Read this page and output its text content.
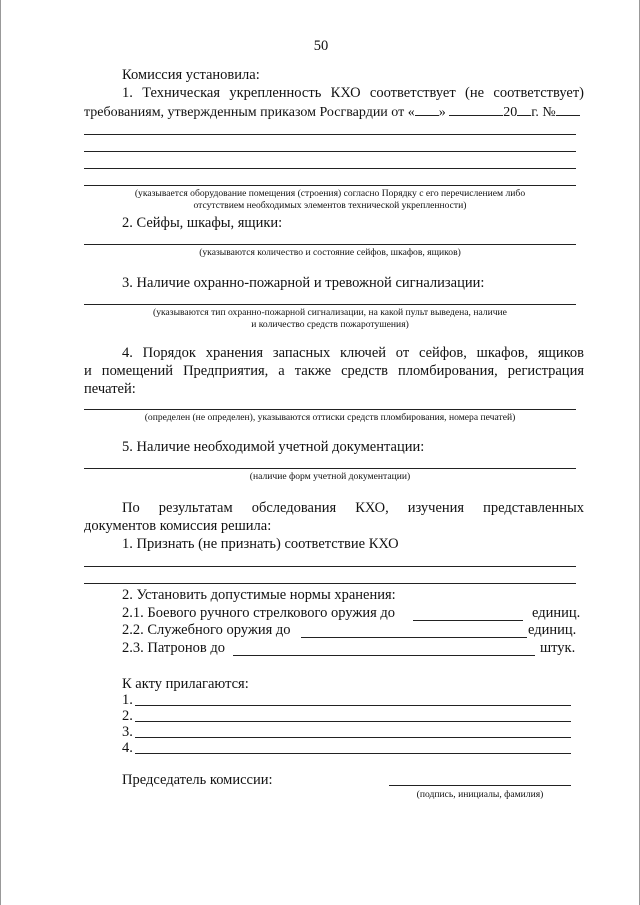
50
Комиссия установила:
1. Техническая укрепленность КХО соответствует (не соответствует)
требованиям, утвержденным приказом Росгвардии от « »	20 г. №
(указывается оборудование помещения (строения) согласно Порядку с его перечислением либо
отсутствием необходимых элементов технической укрепленности)
2. Сейфы, шкафы, ящики:
(указываются количество и состояние сейфов, шкафов, ящиков)
3. Наличие охранно-пожарной и тревожной сигнализации:
(указываются тип охранно-пожарной сигнализации, на какой пульт выведена, наличие
и количество средств пожаротушения)
4. Порядок хранения запасных ключей от сейфов, шкафов, ящиков
и помещений Предприятия, а также средств пломбирования, регистрация
печатей:
(определен (не определен), указываются оттиски средств пломбирования, номера печатей)
5. Наличие необходимой учетной документации:
(наличие форм учетной документации)
По результатам обследования КХО, изучения представленных
документов комиссия решила:
1. Признать (не признать) соответствие КХО
2. Установить допустимые нормы хранения:
2.1. Боевого ручного стрелкового оружия до	единиц.
2.2. Служебного оружия до	единиц.
2.3. Патронов до	штук.
К акту прилагаются:
1.
2.
3.
4.
Председатель комиссии:
(подпись, инициалы, фамилия)
